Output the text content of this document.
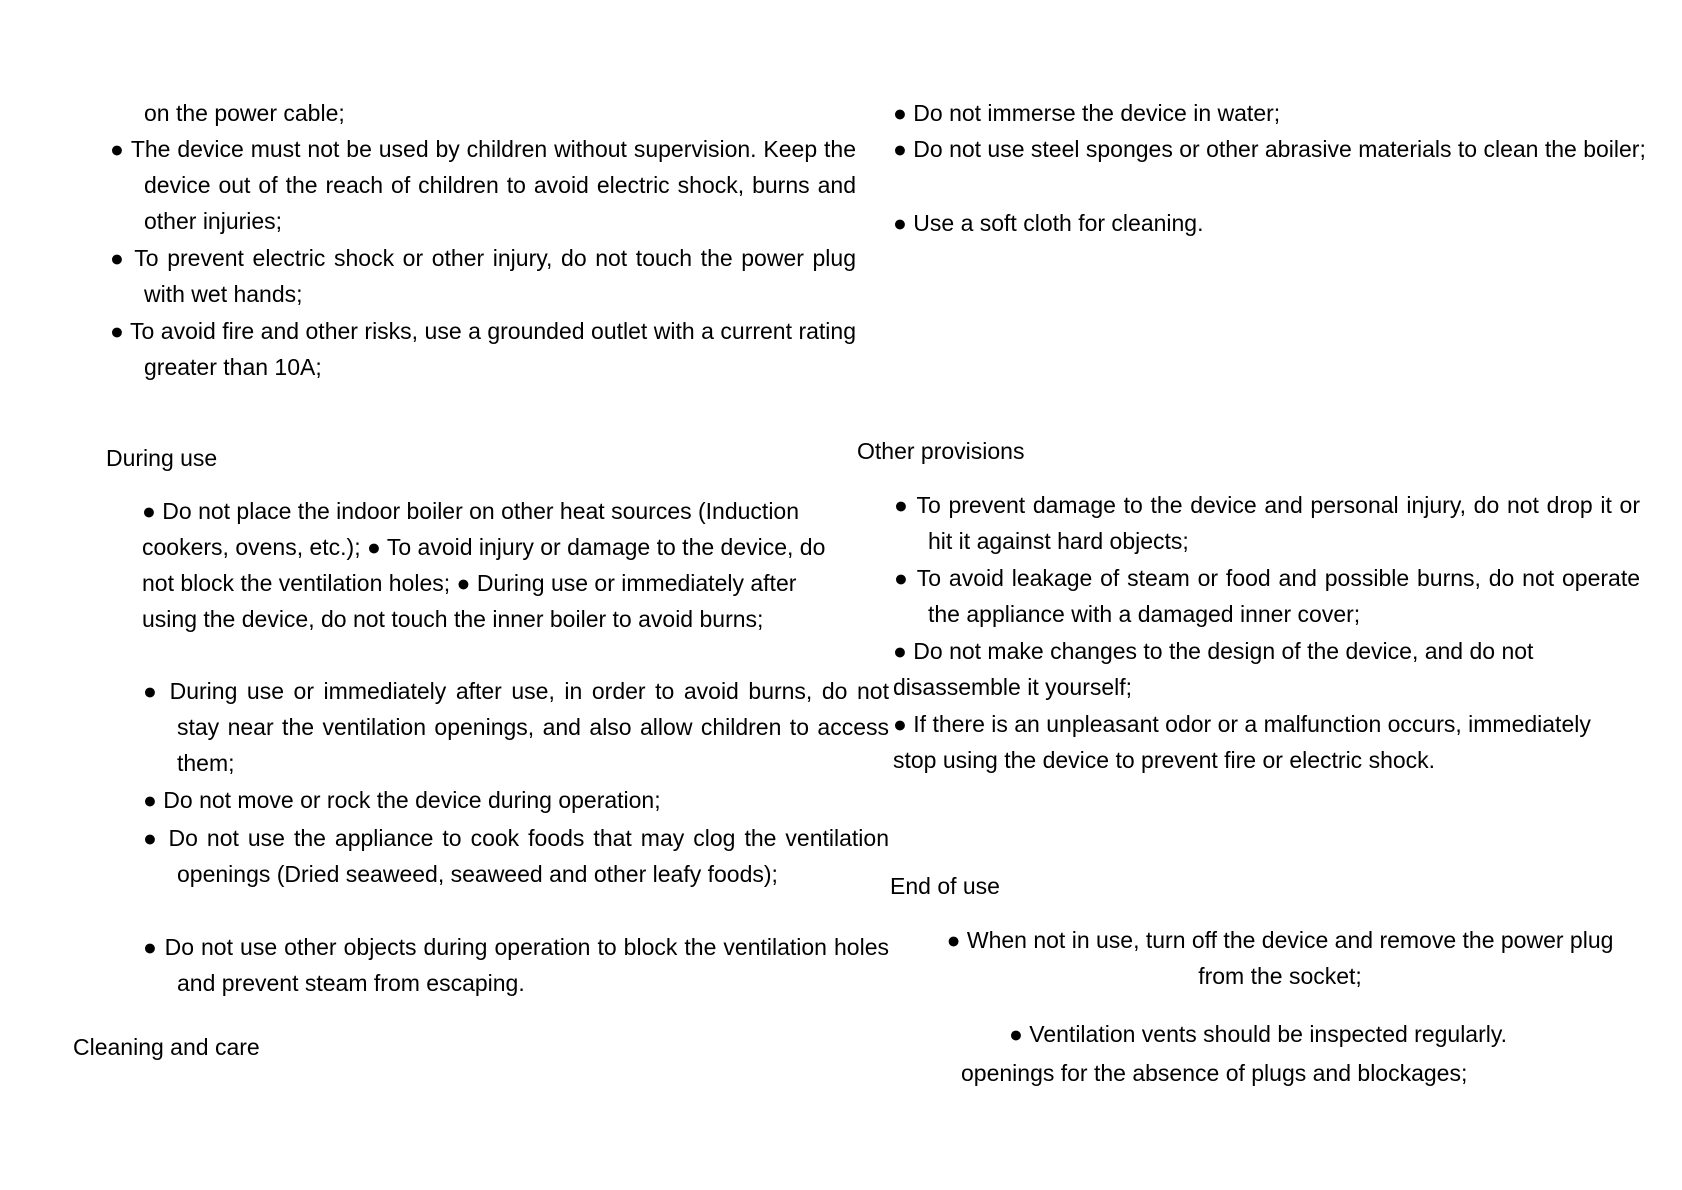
on the power cable;

● The device must not be used by children without supervision. Keep the device out of the reach of children to avoid electric shock, burns and other injuries;

● To prevent electric shock or other injury, do not touch the power plug with wet hands;

● To avoid fire and other risks, use a grounded outlet with a current rating greater than 10A;

During use

● Do not place the indoor boiler on other heat sources (Induction cookers, ovens, etc.); ● To avoid injury or damage to the device, do not block the ventilation holes; ● During use or immediately after using the device, do not touch the inner boiler to avoid burns;

● During use or immediately after use, in order to avoid burns, do not stay near the ventilation openings, and also allow children to access them;

● Do not move or rock the device during operation;

● Do not use the appliance to cook foods that may clog the ventilation openings (Dried seaweed, seaweed and other leafy foods);

● Do not use other objects during operation to block the ventilation holes and prevent steam from escaping.

Cleaning and care

● Do not immerse the device in water;

● Do not use steel sponges or other abrasive materials to clean the boiler;

● Use a soft cloth for cleaning.

Other provisions

● To prevent damage to the device and personal injury, do not drop it or hit it against hard objects;

● To avoid leakage of steam or food and possible burns, do not operate the appliance with a damaged inner cover;

● Do not make changes to the design of the device, and do not disassemble it yourself;

● If there is an unpleasant odor or a malfunction occurs, immediately stop using the device to prevent fire or electric shock.

End of use

● When not in use, turn off the device and remove the power plug from the socket;

● Ventilation vents should be inspected regularly.

openings for the absence of plugs and blockages;
